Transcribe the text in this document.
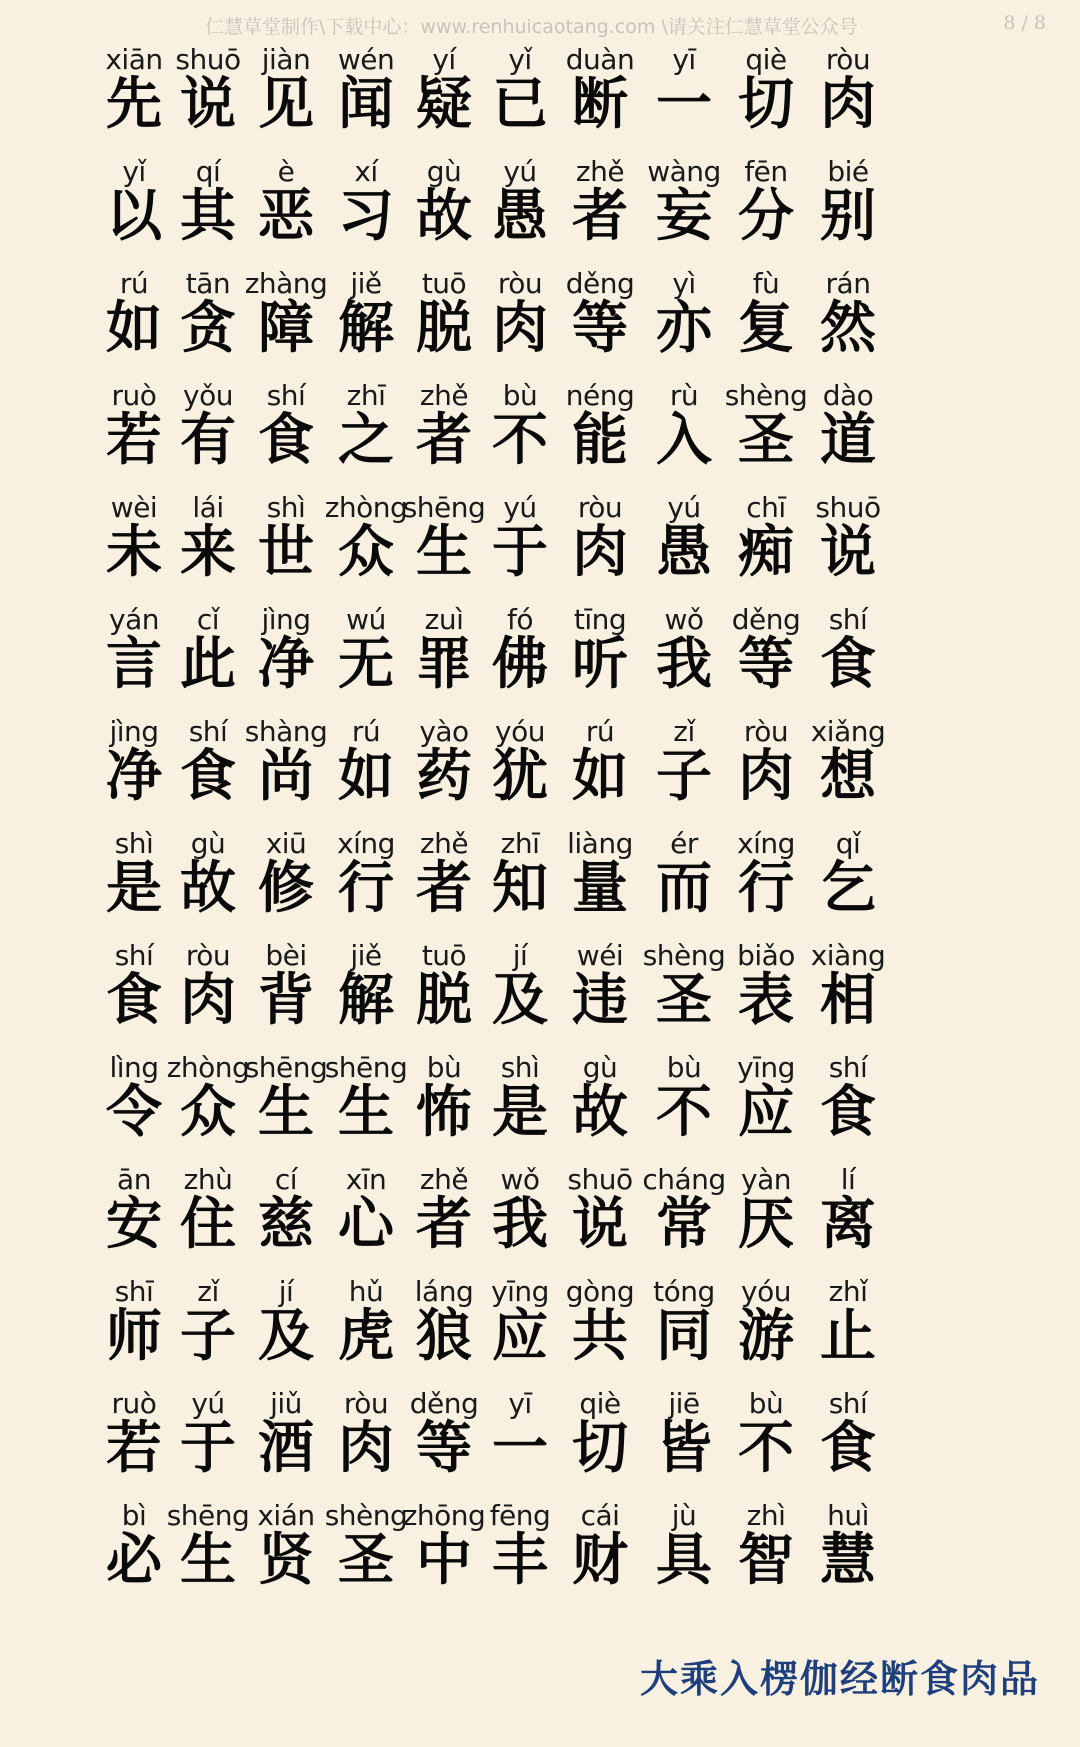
仁慧草堂制作\下载中心：www.renhuicaotang.com \请关注仁慧草堂公众号	8 / 8
xiān
先
shuō
说
jiàn
见
wén
闻
yí
疑
yǐ
已
duàn
断
yī
一
qiè
切
ròu
肉
yǐ
以
qí
其
è
恶
xí
习
gù
故
yú
愚
zhě
者
wàng
妄
fēn
分
bié
别
rú
如
tān
贪
zhàng
障
jiě
解
tuō
脱
ròu
肉
děng
等
yì
亦
fù
复
rán
然
ruò
若
yǒu
有
shí
食
zhī
之
zhě
者
bù
不
néng
能
rù
入
shèng
圣
dào
道
wèi
未
lái
来
shì
世
zhòng
众
shēng
生
yú
于
ròu
肉
yú
愚
chī
痴
shuō
说
yán
言
cǐ
此
jìng
净
wú
无
zuì
罪
fó
佛
tīng
听
wǒ
我
děng
等
shí
食
jìng
净
shí
食
shàng
尚
rú
如
yào
药
yóu
犹
rú
如
zǐ
子
ròu
肉
xiǎng
想
shì
是
gù
故
xiū
修
xíng
行
zhě
者
zhī
知
liàng
量
ér
而
xíng
行
qǐ
乞
shí
食
ròu
肉
bèi
背
jiě
解
tuō
脱
jí
及
wéi
违
shèng
圣
biǎo
表
xiàng
相
lìng
令
zhòng
众
shēng
生
shēng
生
bù
怖
shì
是
gù
故
bù
不
yīng
应
shí
食
ān
安
zhù
住
cí
慈
xīn
心
zhě
者
wǒ
我
shuō
说
cháng
常
yàn
厌
lí
离
shī
师
zǐ
子
jí
及
hǔ
虎
láng
狼
yīng
应
gòng
共
tóng
同
yóu
游
zhǐ
止
ruò
若
yú
于
jiǔ
酒
ròu
肉
děng
等
yī
一
qiè
切
jiē
皆
bù
不
shí
食
bì
必
shēng
生
xián
贤
shèng
圣
zhōng
中
fēng
丰
cái
财
jù
具
zhì
智
huì
慧
大乘入楞伽经断食肉品
